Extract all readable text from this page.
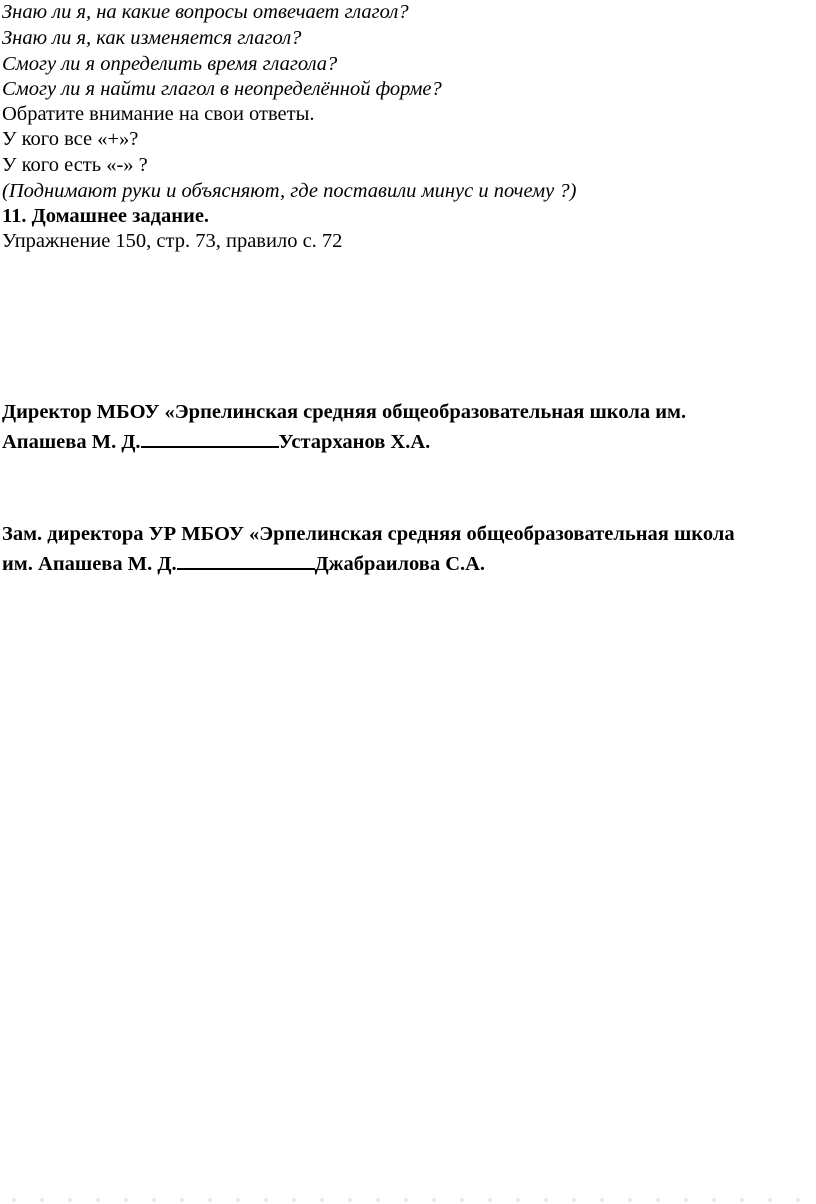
Знаю ли я, на какие вопросы отвечает глагол?
Знаю ли я, как изменяется глагол?
Смогу ли я определить время глагола?
Смогу ли я найти глагол в неопределённой форме?
Обратите внимание на свои ответы.
У кого все «+»?
У кого есть «-» ?
(Поднимают руки и объясняют, где поставили минус и почему ?)
11. Домашнее задание.
Упражнение 150, стр. 73, правило с. 72
Директор МБОУ «Эрпелинская средняя общеобразовательная школа им.
Апашева М. Д.	Устарханов Х.А.
Зам. директора УР МБОУ «Эрпелинская средняя общеобразовательная школа
им. Апашева М. Д.	Джабраилова С.А.
